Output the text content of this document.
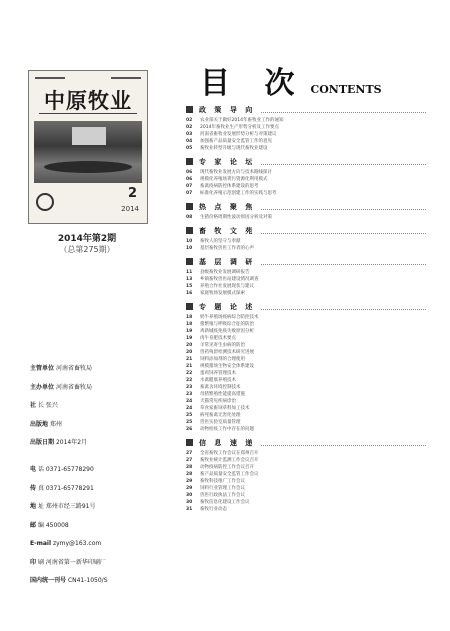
中原牧业
2
2014
2014年第2期
（总第275期）
主管单位 河南省畜牧局
主办单位 河南省畜牧局
社 长 张兴
出版地 郑州
出版日期 2014年2月
电 话 0371-65778290
传 真 0371-65778291
地 址 郑州市经三路91号
邮 编 450008
E-mail zymy@163.com
印 刷 河南省第一新华印刷厂
国内统一刊号 CN41-1050/S
目 次 CONTENTS
政 策 导 向
02	农业部关于做好2014年畜牧业工作的通知
02	2014年畜牧业生产形势分析及工作要点
03	河南省畜牧业发展形势分析与对策建议
04	加强畜产品质量安全监管工作的意见
05	畜牧业转型升级与现代畜牧业建设
专 家 论 坛
06	现代畜牧业发展方向与技术路线探讨
06	规模化养殖场粪污资源化利用模式
07	畜禽疫病防控体系建设的思考
07	标准化养殖示范创建工作的实践与思考
热 点 聚 焦
08	生猪价格周期性波动原因分析及对策
畜 牧 文 苑
10	畜牧人的坚守与奉献
10	基层畜牧兽医工作者的心声
基 层 调 研
11	县级畜牧业发展调研报告
13	乡镇畜牧兽医站建设情况调查
15	养殖合作社发展现状与建议
16	家庭牧场发展模式探索
专 题 论 述
18	奶牛养殖场疫病综合防控技术
18	猪繁殖与呼吸综合征的防治
19	鸡新城疫免疫失败原因分析
19	肉牛育肥技术要点
20	羊常见寄生虫病的防治
20	兽药残留检测技术研究进展
21	饲料添加剂的合理使用
21	规模猪场生物安全体系建设
22	蛋鸡饲养管理技术
22	水禽健康养殖技术
23	畜禽舍环境控制技术
23	母猪繁殖性能提高措施
24	犬猫常见疾病诊治
24	草食家畜饲草料加工技术
25	病死畜禽无害化处理
25	兽医实验室质量管理
26	动物检疫工作中存在的问题
信 息 速 递
27	全省畜牧工作会议在郑州召开
27	畜牧业统计监测工作会议召开
28	动物疫病防控工作会议召开
28	畜产品质量安全监管工作会议
29	畜牧科技推广工作会议
29	饲料行业管理工作会议
30	兽医行政执法工作会议
30	畜牧信息化建设工作会议
31	畜牧行业动态
